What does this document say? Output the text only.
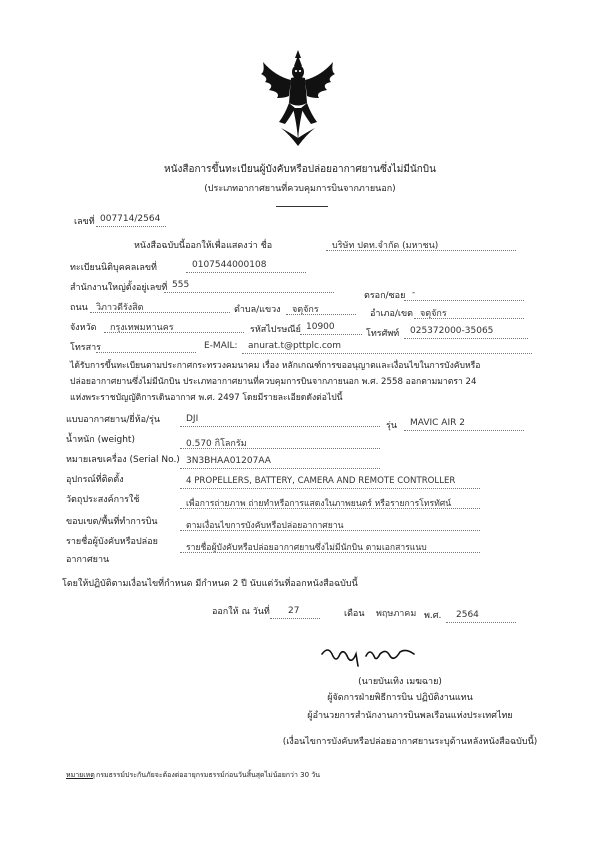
หนังสือการขึ้นทะเบียนผู้บังคับหรือปล่อยอากาศยานซึ่งไม่มีนักบิน
(ประเภทอากาศยานที่ควบคุมการบินจากภายนอก)
เลขที่ 007714/2564
หนังสือฉบับนี้ออกให้เพื่อแสดงว่า ชื่อ	บริษัท ปตท.จำกัด (มหาชน)
ทะเบียนนิติบุคคลเลขที่	0107544000108
สำนักงานใหญ่ตั้งอยู่เลขที่ 555
ตรอก/ซอย -
ถนน วิภาวดีรังสิต	ตำบล/แขวง จตุจักร	อำเภอ/เขต จตุจักร
จังหวัด กรุงเทพมหานคร	รหัสไปรษณีย์ 10900
โทรศัพท์ 025372000-35065
โทรสาร	E-MAIL: anurat.t@pttplc.com
ได้รับการขึ้นทะเบียนตามประกาศกระทรวงคมนาคม เรื่อง หลักเกณฑ์การขออนุญาตและเงื่อนไขในการบังคับหรือ
ปล่อยอากาศยานซึ่งไม่มีนักบิน ประเภทอากาศยานที่ควบคุมการบินจากภายนอก พ.ศ. 2558 ออกตามมาตรา 24
แห่งพระราชบัญญัติการเดินอากาศ พ.ศ. 2497 โดยมีรายละเอียดดังต่อไปนี้
แบบอากาศยาน/ยี่ห้อ/รุ่น	DJI
รุ่น MAVIC AIR 2
น้ำหนัก (weight)	0.570 กิโลกรัม
หมายเลขเครื่อง (Serial No.) 3N3BHAA01207AA
อุปกรณ์ที่ติดตั้ง	4 PROPELLERS, BATTERY, CAMERA AND REMOTE CONTROLLER
วัตถุประสงค์การใช้	เพื่อการถ่ายภาพ ถ่ายทำหรือการแสดงในภาพยนตร์ หรือรายการโทรทัศน์
ขอบเขต/พื้นที่ทำการบิน	ตามเงื่อนไขการบังคับหรือปล่อยอากาศยาน
รายชื่อผู้บังคับหรือปล่อย
อากาศยาน
รายชื่อผู้บังคับหรือปล่อยอากาศยานซึ่งไม่มีนักบิน ตามเอกสารแนบ
โดยให้ปฏิบัติตามเงื่อนไขที่กำหนด มีกำหนด 2 ปี นับแต่วันที่ออกหนังสือฉบับนี้
ออกให้ ณ วันที่ 27	เดือน พฤษภาคม พ.ศ. 2564
(นายบันเทิง เมฆฉาย)
ผู้จัดการฝ่ายพิธีการบิน ปฏิบัติงานแทน
ผู้อำนวยการสำนักงานการบินพลเรือนแห่งประเทศไทย
(เงื่อนไขการบังคับหรือปล่อยอากาศยานระบุด้านหลังหนังสือฉบับนี้)
หมายเหตุ กรมธรรม์ประกันภัยจะต้องต่ออายุกรมธรรม์ก่อนวันสิ้นสุดไม่น้อยกว่า 30 วัน
